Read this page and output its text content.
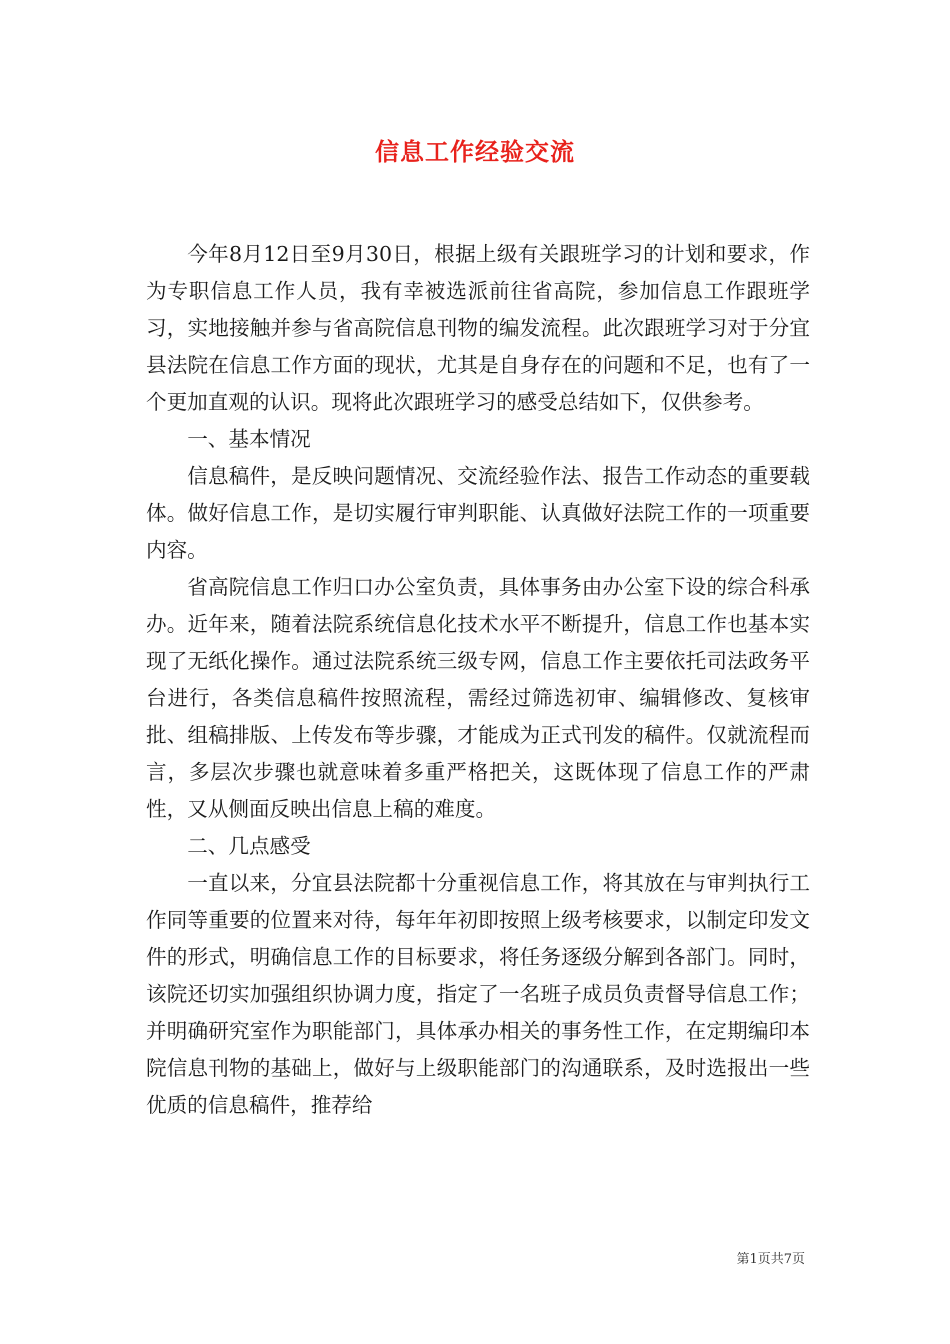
信息工作经验交流

今年8月12日至9月30日，根据上级有关跟班学习的计划和要求，作为专职信息工作人员，我有幸被选派前往省高院，参加信息工作跟班学习，实地接触并参与省高院信息刊物的编发流程。此次跟班学习对于分宜县法院在信息工作方面的现状，尤其是自身存在的问题和不足，也有了一个更加直观的认识。现将此次跟班学习的感受总结如下，仅供参考。

一、基本情况

信息稿件，是反映问题情况、交流经验作法、报告工作动态的重要载体。做好信息工作，是切实履行审判职能、认真做好法院工作的一项重要内容。

省高院信息工作归口办公室负责，具体事务由办公室下设的综合科承办。近年来，随着法院系统信息化技术水平不断提升，信息工作也基本实现了无纸化操作。通过法院系统三级专网，信息工作主要依托司法政务平台进行，各类信息稿件按照流程，需经过筛选初审、编辑修改、复核审批、组稿排版、上传发布等步骤，才能成为正式刊发的稿件。仅就流程而言，多层次步骤也就意味着多重严格把关，这既体现了信息工作的严肃性，又从侧面反映出信息上稿的难度。

二、几点感受

一直以来，分宜县法院都十分重视信息工作，将其放在与审判执行工作同等重要的位置来对待，每年年初即按照上级考核要求，以制定印发文件的形式，明确信息工作的目标要求，将任务逐级分解到各部门。同时，该院还切实加强组织协调力度，指定了一名班子成员负责督导信息工作；并明确研究室作为职能部门，具体承办相关的事务性工作，在定期编印本院信息刊物的基础上，做好与上级职能部门的沟通联系，及时选报出一些优质的信息稿件，推荐给

第1页共7页
